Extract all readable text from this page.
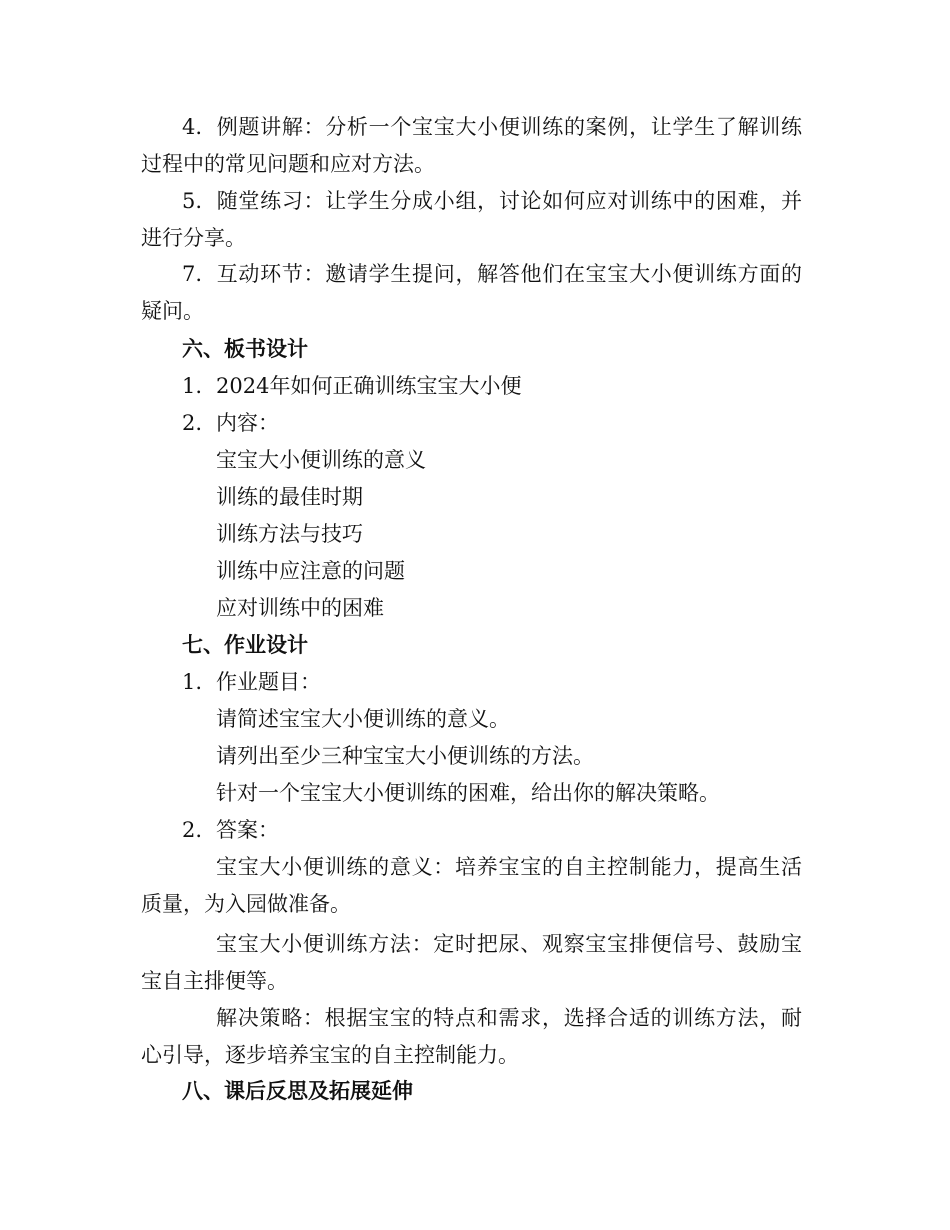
4. 例题讲解：分析一个宝宝大小便训练的案例，让学生了解训练
过程中的常见问题和应对方法。
5. 随堂练习：让学生分成小组，讨论如何应对训练中的困难，并
进行分享。
7. 互动环节：邀请学生提问，解答他们在宝宝大小便训练方面的
疑问。
六、板书设计
1. 2024年如何正确训练宝宝大小便
2. 内容：
宝宝大小便训练的意义
训练的最佳时期
训练方法与技巧
训练中应注意的问题
应对训练中的困难
七、作业设计
1. 作业题目：
请简述宝宝大小便训练的意义。
请列出至少三种宝宝大小便训练的方法。
针对一个宝宝大小便训练的困难，给出你的解决策略。
2. 答案：
宝宝大小便训练的意义：培养宝宝的自主控制能力，提高生活
质量，为入园做准备。
宝宝大小便训练方法：定时把尿、观察宝宝排便信号、鼓励宝
宝自主排便等。
解决策略：根据宝宝的特点和需求，选择合适的训练方法，耐
心引导，逐步培养宝宝的自主控制能力。
八、课后反思及拓展延伸
